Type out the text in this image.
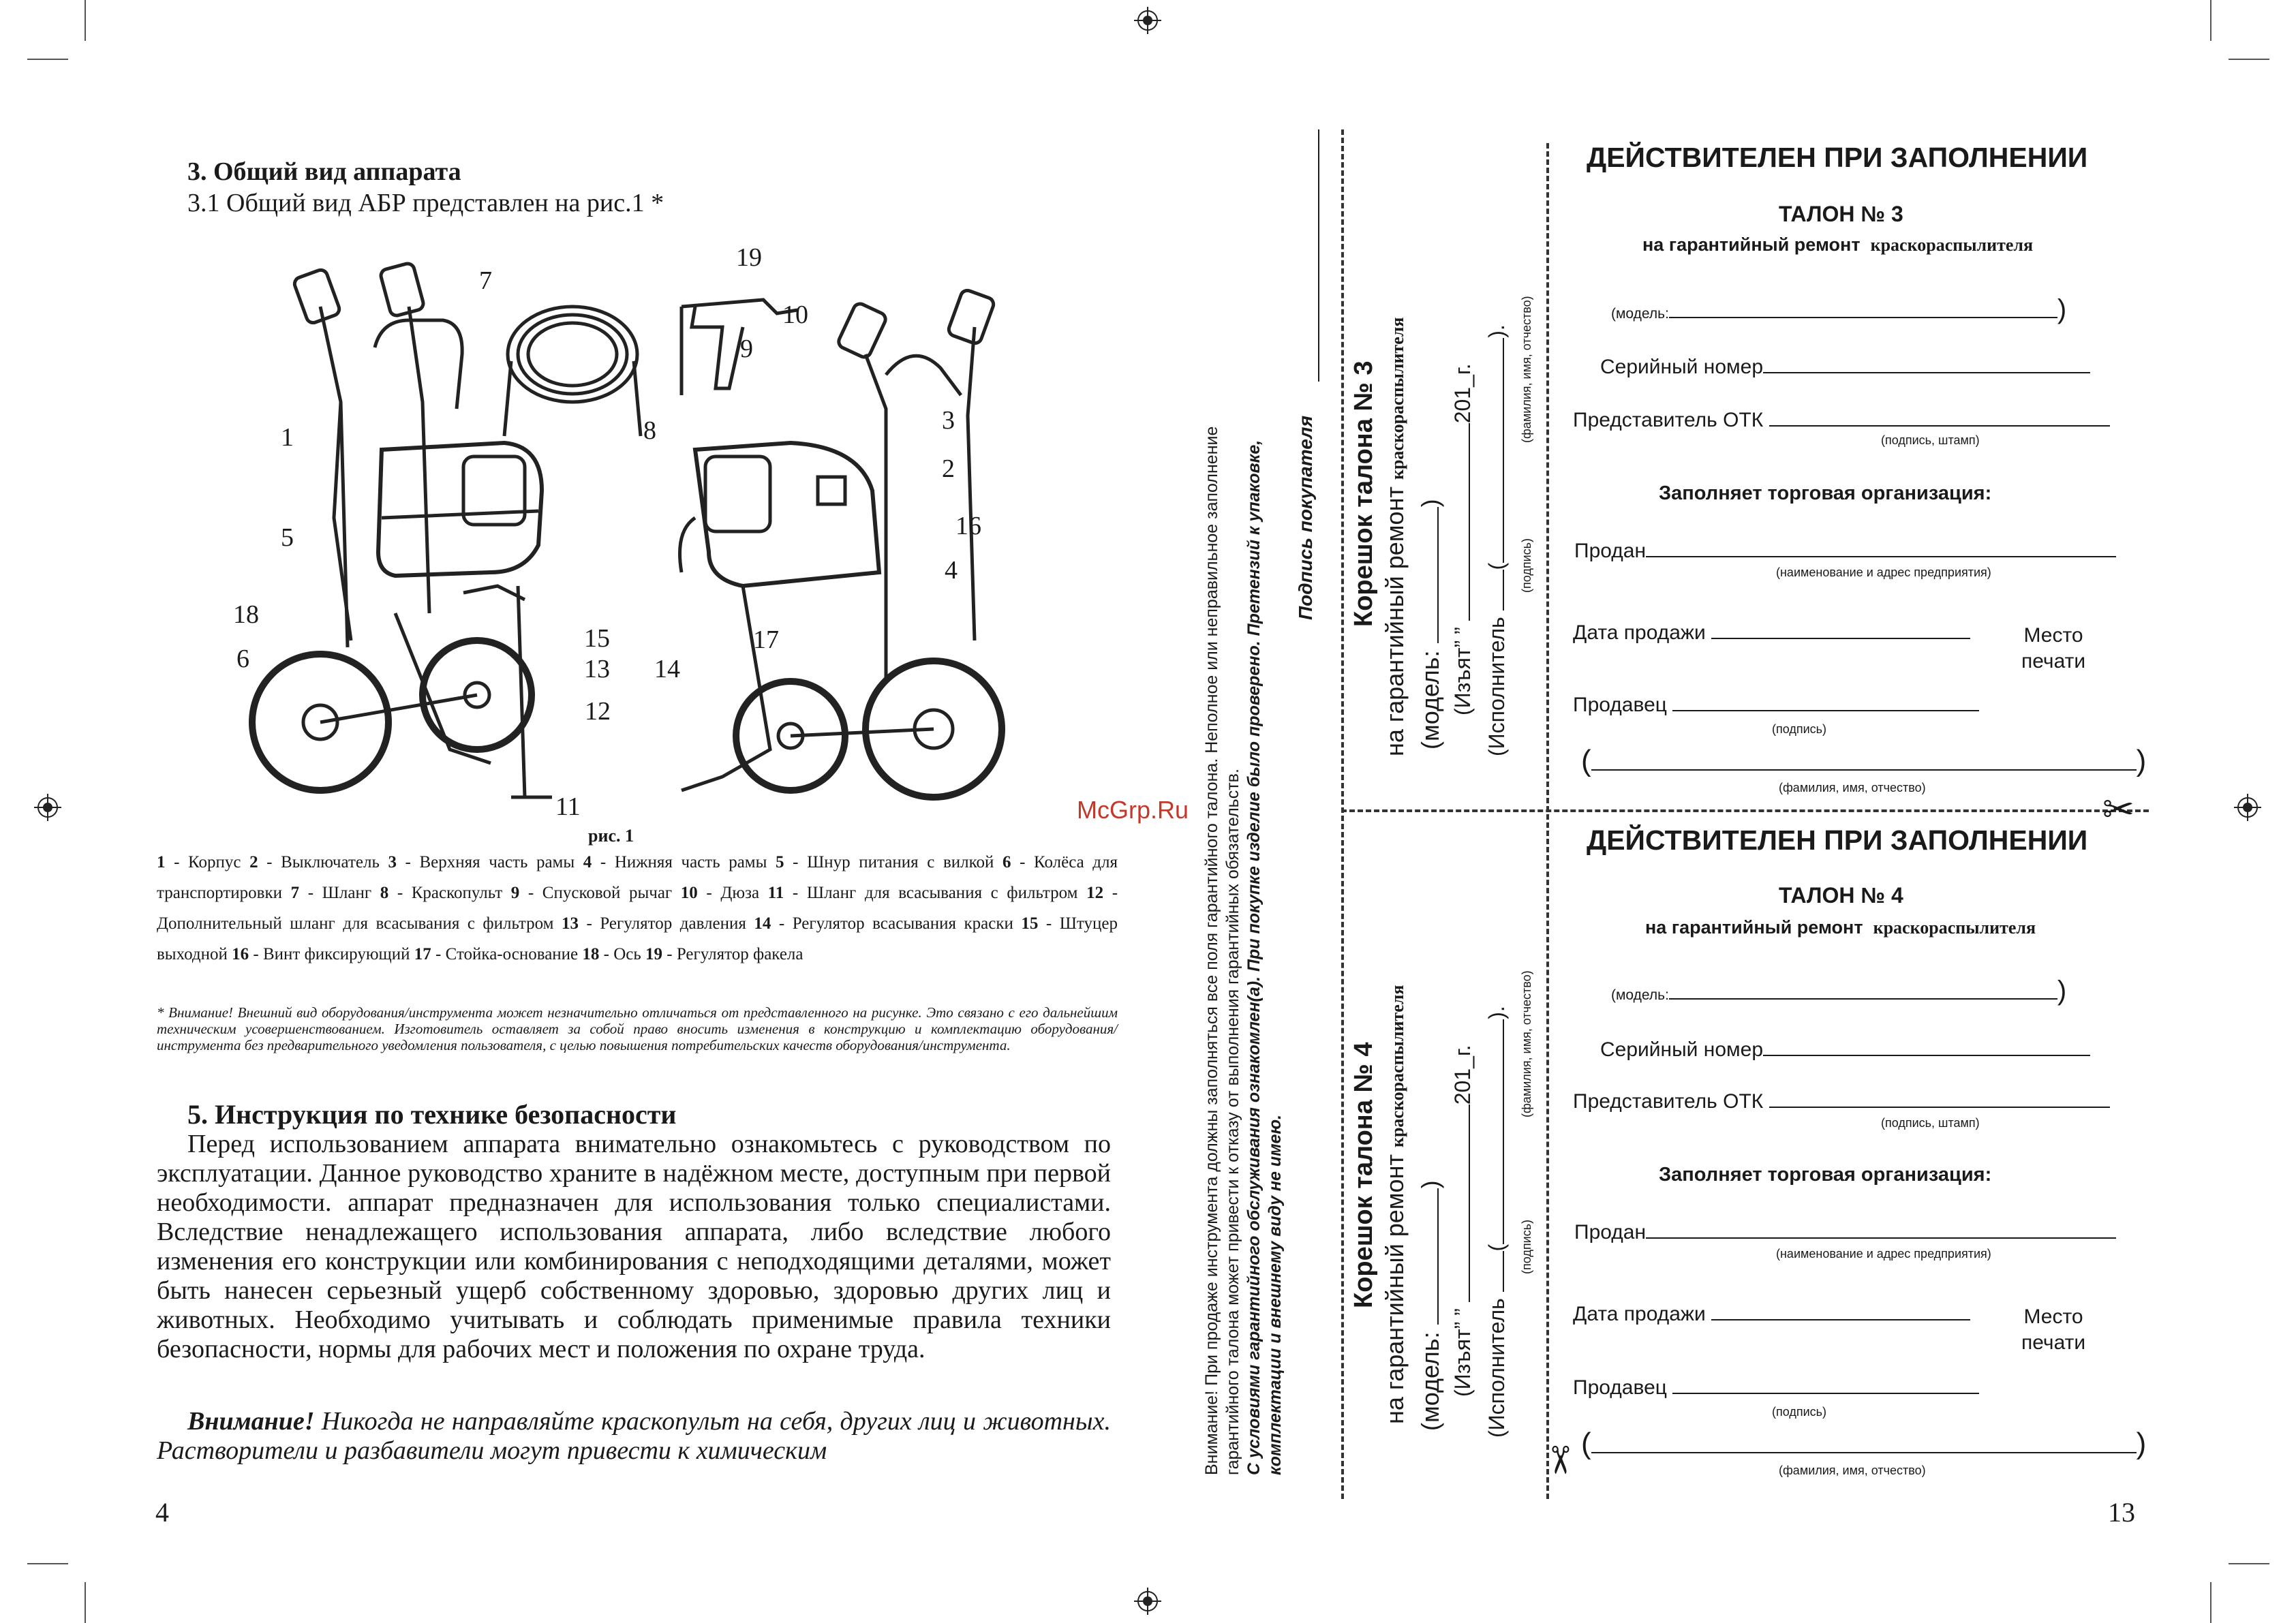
3. Общий вид аппарата
3.1 Общий вид АБР представлен на рис.1 *
1
2
3
4
5
6
7
8
9
10
11
12
13 14
15
16
17
18
19
рис. 1
1 - Корпус 2 - Выключатель 3 - Верхняя часть рамы 4 - Нижняя часть рамы 5 - Шнур питания с вилкой 6 - Колёса для транспортировки 7 - Шланг 8 - Краскопульт 9 - Спусковой рычаг 10 - Дюза 11 - Шланг для всасывания с фильтром 12 - Дополнительный шланг для всасывания с фильтром 13 - Регулятор давления 14 - Регулятор всасывания краски 15 - Штуцер выходной 16 - Винт фиксирующий 17 - Стойка-основание 18 - Ось 19 - Регулятор факела
* Внимание! Внешний вид оборудования/инструмента может незначительно отличаться от представленного на рисунке. Это связано с его дальнейшим техническим усовершенствованием. Изготовитель оставляет за собой право вносить изменения в конструкцию и комплектацию оборудования/инструмента без предварительного уведомления пользователя, с целью повышения потребительских качеств оборудования/инструмента.
5. Инструкция по технике безопасности
Перед использованием аппарата внимательно ознакомьтесь с руководством по эксплуатации. Данное руководство храните в надёжном месте, доступным при первой необходимости. аппарат предназначен для использования только специалистами. Вследствие ненадлежащего использования аппарата, либо вследствие любого изменения его конструкции или комбинирования с неподходящими деталями, может быть нанесен серьезный ущерб собственному здоровью, здоровью других лиц и животных. Необходимо учитывать и соблюдать применимые правила техники безопасности, нормы для рабочих мест и положения по охране труда.
Внимание! Никогда не направляйте краскопульт на себя, других лиц и животных. Растворители и разбавители могут привести к химическим
4
McGrp.Ru Внимание! При продаже инструмента должны заполняться все поля гарантийного талона. Неполное или неправильное заполнение гарантийного талона может привести к отказу от выполнения гарантийных обязательств. С условиями гарантийного обслуживания ознакомлен(а). При покупке изделие было проверено. Претензий к упаковке, комплектации и внешнему виду не имею.
Подпись покупателя
✂
✂
Корешок талона № 3 на гарантийный ремонт краскораспылителя
(модель: )
(Изъят” ” 201_г.
(Исполнитель ().
(подпись)
(фамилия, имя, отчество)
Корешок талона № 4 на гарантийный ремонт краскораспылителя
(модель: )
(Изъят” ” 201_г.
(Исполнитель ().
(подпись)
(фамилия, имя, отчество)
ДЕЙСТВИТЕЛЕН ПРИ ЗАПОЛНЕНИИ
ТАЛОН № 3
на гарантийный ремонт краскораспылителя
(модель:	)
Серийный номер
Представитель ОТК
(подпись, штамп)
Заполняет торговая организация:
Продан
(наименование и адрес предприятия)
Дата продажи	Место
печати
Продавец
(подпись)
(	)
(фамилия, имя, отчество)
ДЕЙСТВИТЕЛЕН ПРИ ЗАПОЛНЕНИИ
ТАЛОН № 4
на гарантийный ремонт краскораспылителя
(модель:	)
Серийный номер
Представитель ОТК
(подпись, штамп)
Заполняет торговая организация:
Продан
(наименование и адрес предприятия)
Дата продажи	Место
печати
Продавец
(подпись)
(	)
(фамилия, имя, отчество)
13
